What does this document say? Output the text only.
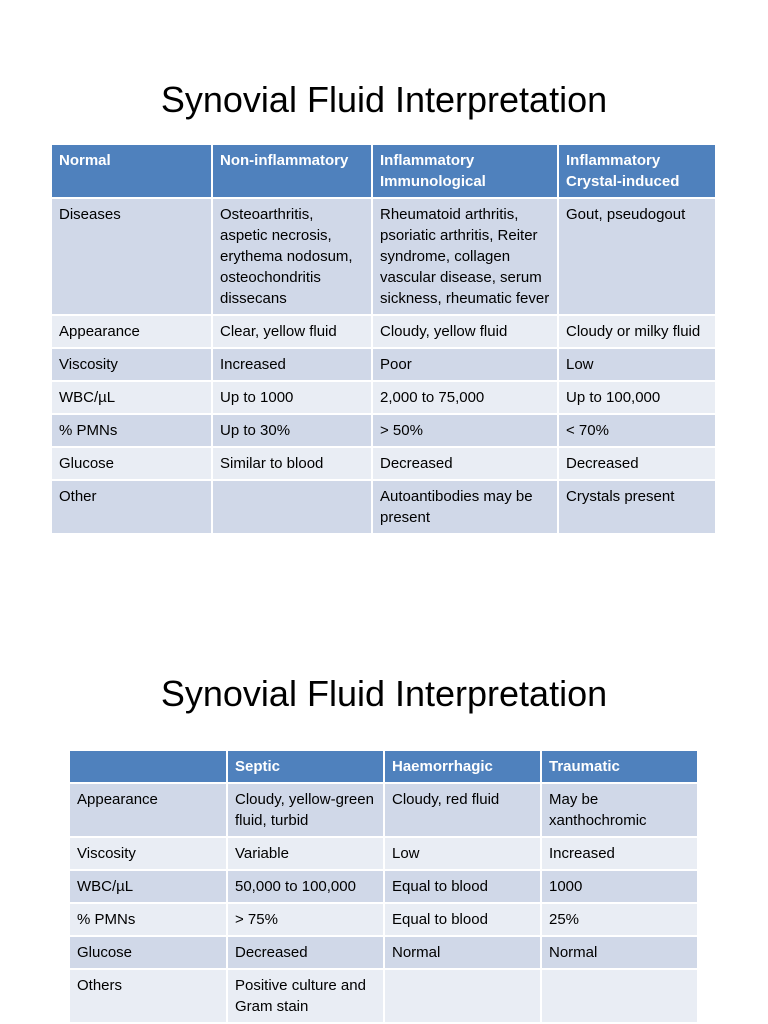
Synovial Fluid Interpretation
Normal	Non-inflammatory	Inflammatory Immunological	Inflammatory Crystal-induced
Diseases	Osteoarthritis, aspetic necrosis, erythema nodosum, osteochondritis dissecans	Rheumatoid arthritis, psoriatic arthritis, Reiter syndrome, collagen vascular disease, serum sickness, rheumatic fever	Gout, pseudogout
Appearance	Clear, yellow fluid	Cloudy, yellow fluid	Cloudy or milky fluid
Viscosity	Increased	Poor	Low
WBC/µL	Up to 1000	2,000 to 75,000	Up to 100,000
% PMNs	Up to 30%	> 50%	< 70%
Glucose	Similar to blood	Decreased	Decreased
Other		Autoantibodies may be present	Crystals present
Synovial Fluid Interpretation
	Septic	Haemorrhagic	Traumatic
Appearance	Cloudy, yellow-green fluid, turbid	Cloudy, red fluid	May be xanthochromic
Viscosity	Variable	Low	Increased
WBC/µL	50,000 to 100,000	Equal to blood	1000
% PMNs	> 75%	Equal to blood	25%
Glucose	Decreased	Normal	Normal
Others	Positive culture and Gram stain		
